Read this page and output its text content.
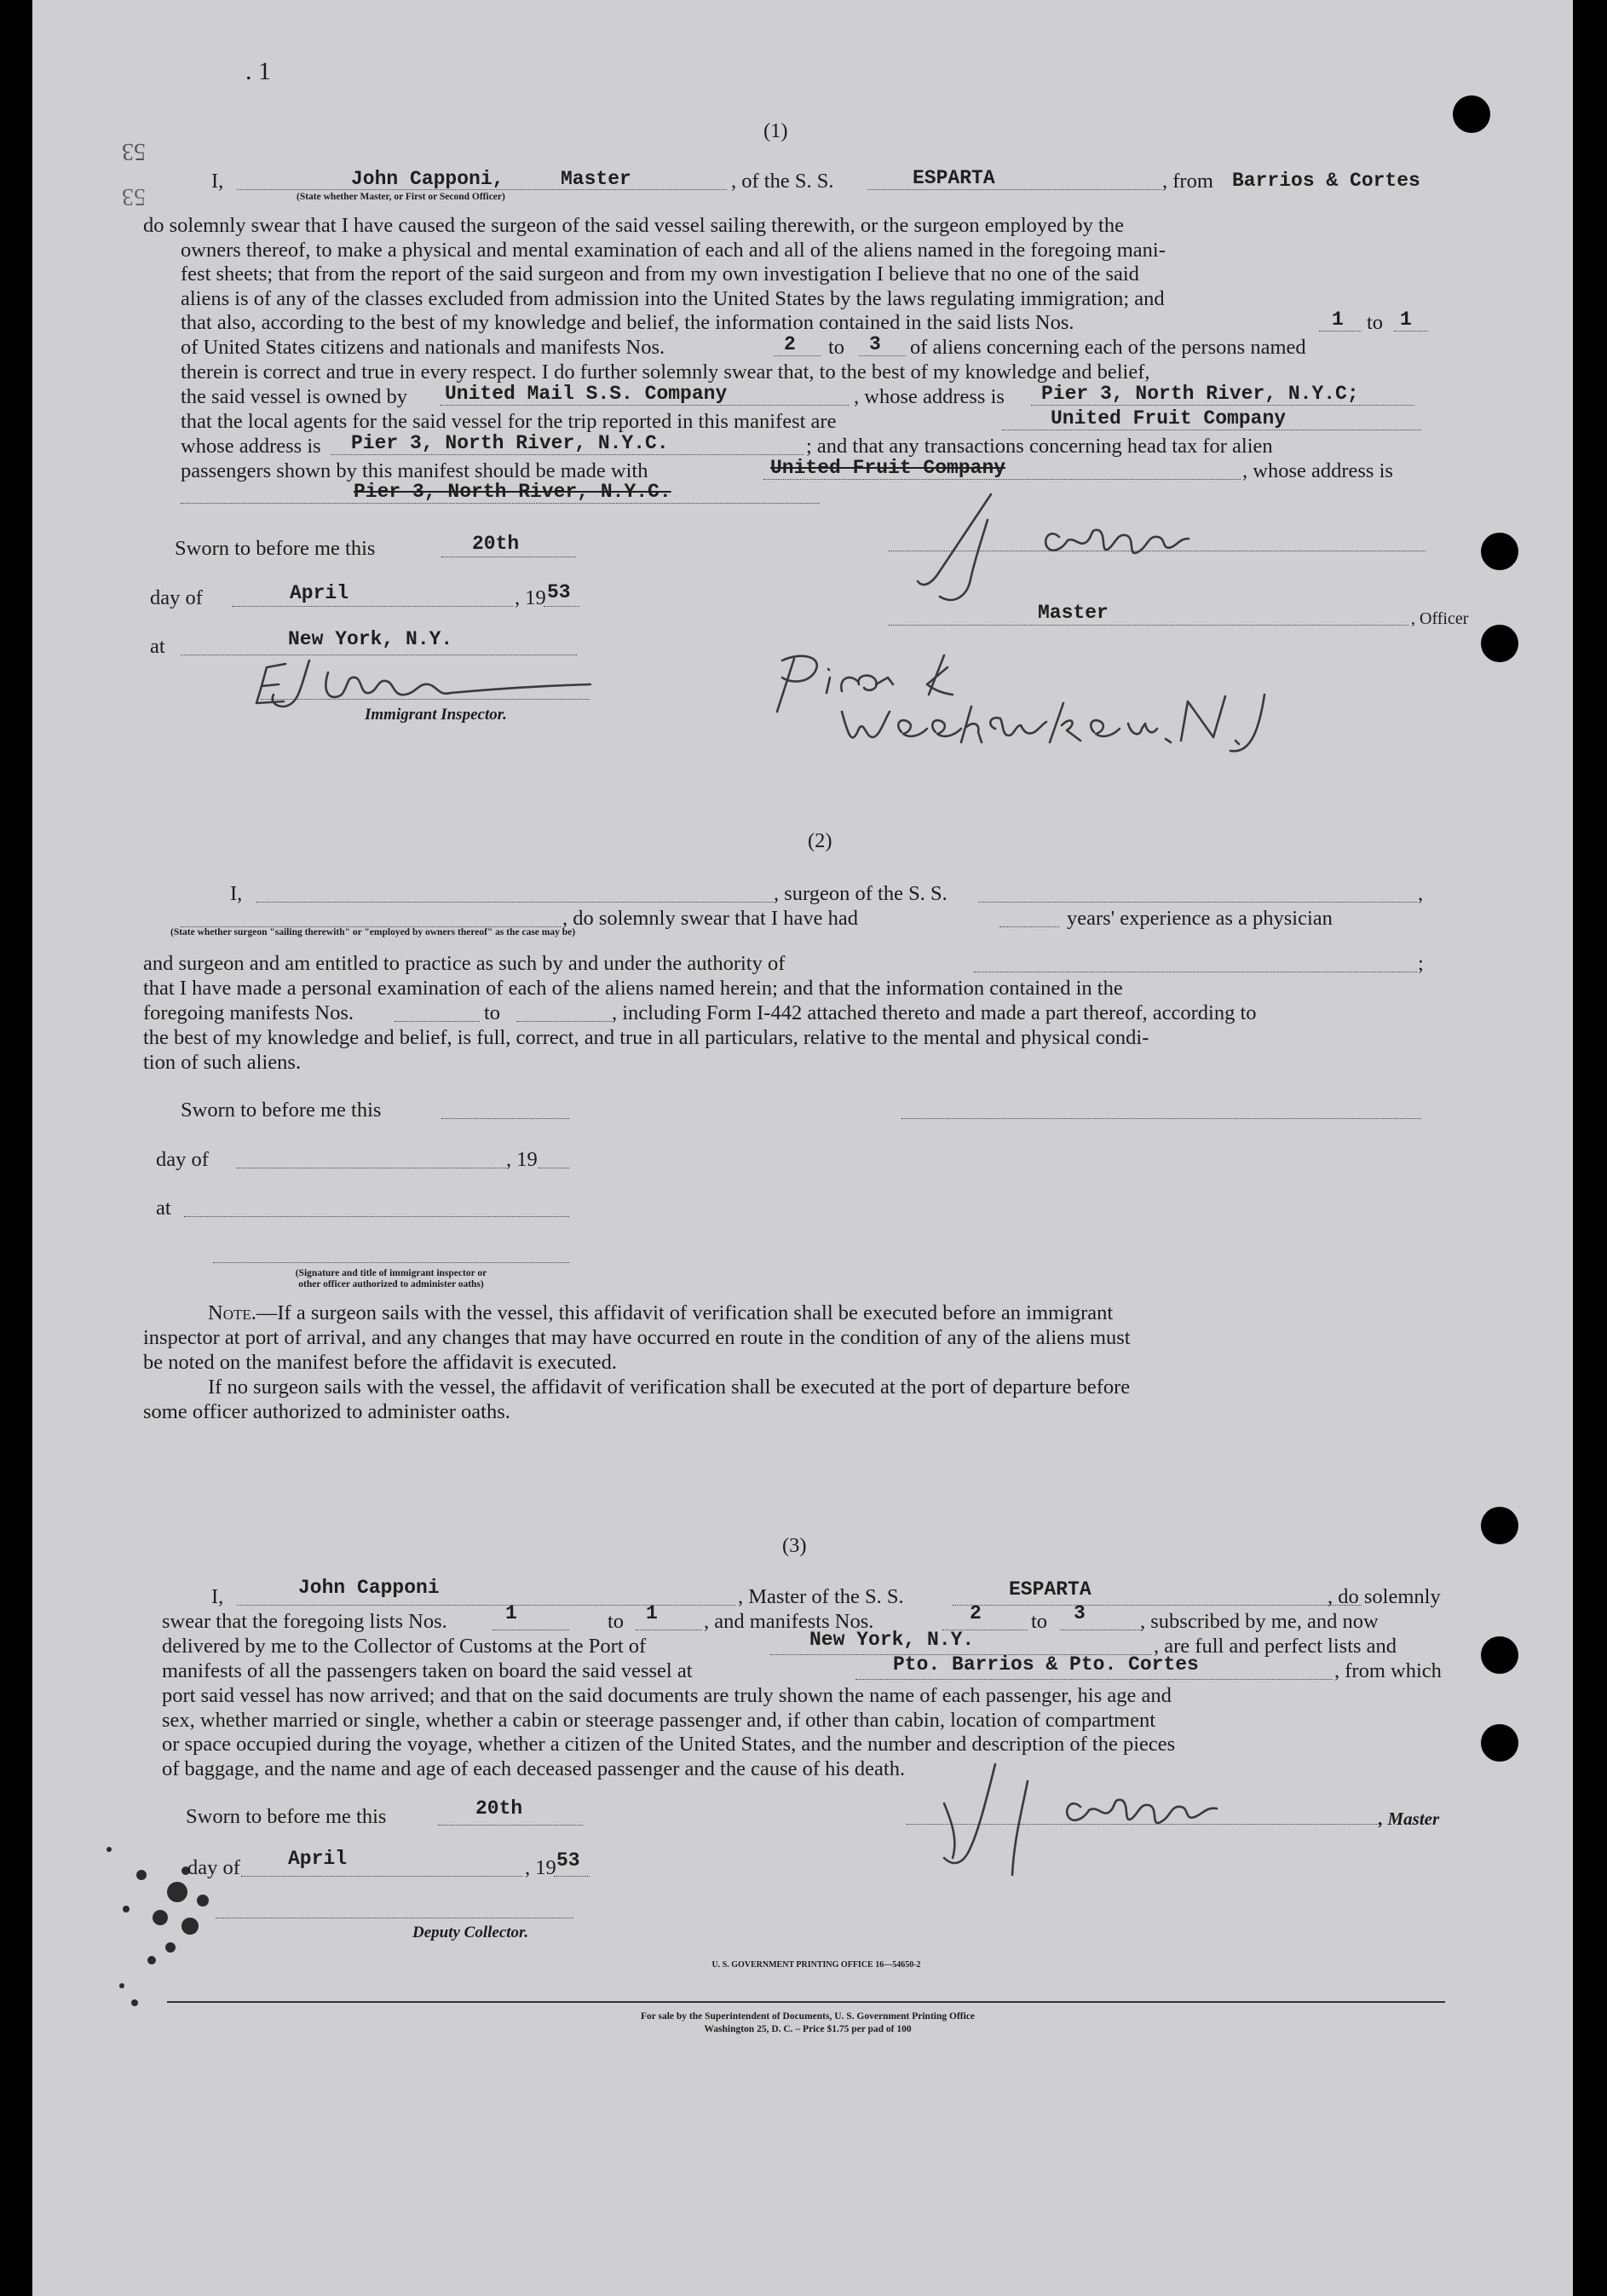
. 1
53
53
(1)
I,	John Capponi,	Master
(State whether Master, or First or Second Officer)
, of the S. S.	ESPARTA	, from Barrios & Cortes
do solemnly swear that I have caused the surgeon of the said vessel sailing therewith, or the surgeon employed by the
owners thereof, to make a physical and mental examination of each and all of the aliens named in the foregoing mani-
fest sheets; that from the report of the said surgeon and from my own investigation I believe that no one of the said
aliens is of any of the classes excluded from admission into the United States by the laws regulating immigration; and
that also, according to the best of my knowledge and belief, the information contained in the said lists Nos.	1 to 1
of United States citizens and nationals and manifests Nos.	2 to 3 of aliens concerning each of the persons named
therein is correct and true in every respect. I do further solemnly swear that, to the best of my knowledge and belief,
the said vessel is owned by United Mail S.S. Company	, whose address is Pier 3, North River, N.Y.C;
that the local agents for the said vessel for the trip reported in this manifest are	United Fruit Company
whose address is Pier 3, North River, N.Y.C.	; and that any transactions concerning head tax for alien
passengers shown by this manifest should be made with	United Fruit Company	, whose address is
Pier 3, North River, N.Y.C.
Sworn to before me this	20th
day of	April	, 19 53
at	New York, N.Y.
Immigrant Inspector.
Master	, Officer
(2)
I,	, surgeon of the S. S.	,
, do solemnly swear that I have had	years' experience as a physician
(State whether surgeon "sailing therewith" or "employed by owners thereof" as the case may be)
and surgeon and am entitled to practice as such by and under the authority of	;
that I have made a personal examination of each of the aliens named herein; and that the information contained in the
foregoing manifests Nos.	to	, including Form I-442 attached thereto and made a part thereof, according to
the best of my knowledge and belief, is full, correct, and true in all particulars, relative to the mental and physical condi-
tion of such aliens.
Sworn to before me this
day of	, 19
at
(Signature and title of immigrant inspector or
other officer authorized to administer oaths)
Note.—If a surgeon sails with the vessel, this affidavit of verification shall be executed before an immigrant
inspector at port of arrival, and any changes that may have occurred en route in the condition of any of the aliens must
be noted on the manifest before the affidavit is executed.
If no surgeon sails with the vessel, the affidavit of verification shall be executed at the port of departure before
some officer authorized to administer oaths.
(3)
I,	John Capponi	, Master of the S. S.	ESPARTA	, do solemnly
swear that the foregoing lists Nos.	1	to 1 , and manifests Nos.	2 to 3	, subscribed by me, and now
delivered by me to the Collector of Customs at the Port of	New York, N.Y.	, are full and perfect lists and
manifests of all the passengers taken on board the said vessel at	Pto. Barrios & Pto. Cortes	, from which
port said vessel has now arrived; and that on the said documents are truly shown the name of each passenger, his age and
sex, whether married or single, whether a cabin or steerage passenger and, if other than cabin, location of compartment
or space occupied during the voyage, whether a citizen of the United States, and the number and description of the pieces
of baggage, and the name and age of each deceased passenger and the cause of his death.
Sworn to before me this	20th
day of April	, 19 53
Deputy Collector.
, Master
U. S. GOVERNMENT PRINTING OFFICE 16—54650-2
For sale by the Superintendent of Documents, U. S. Government Printing Office
Washington 25, D. C. – Price $1.75 per pad of 100
